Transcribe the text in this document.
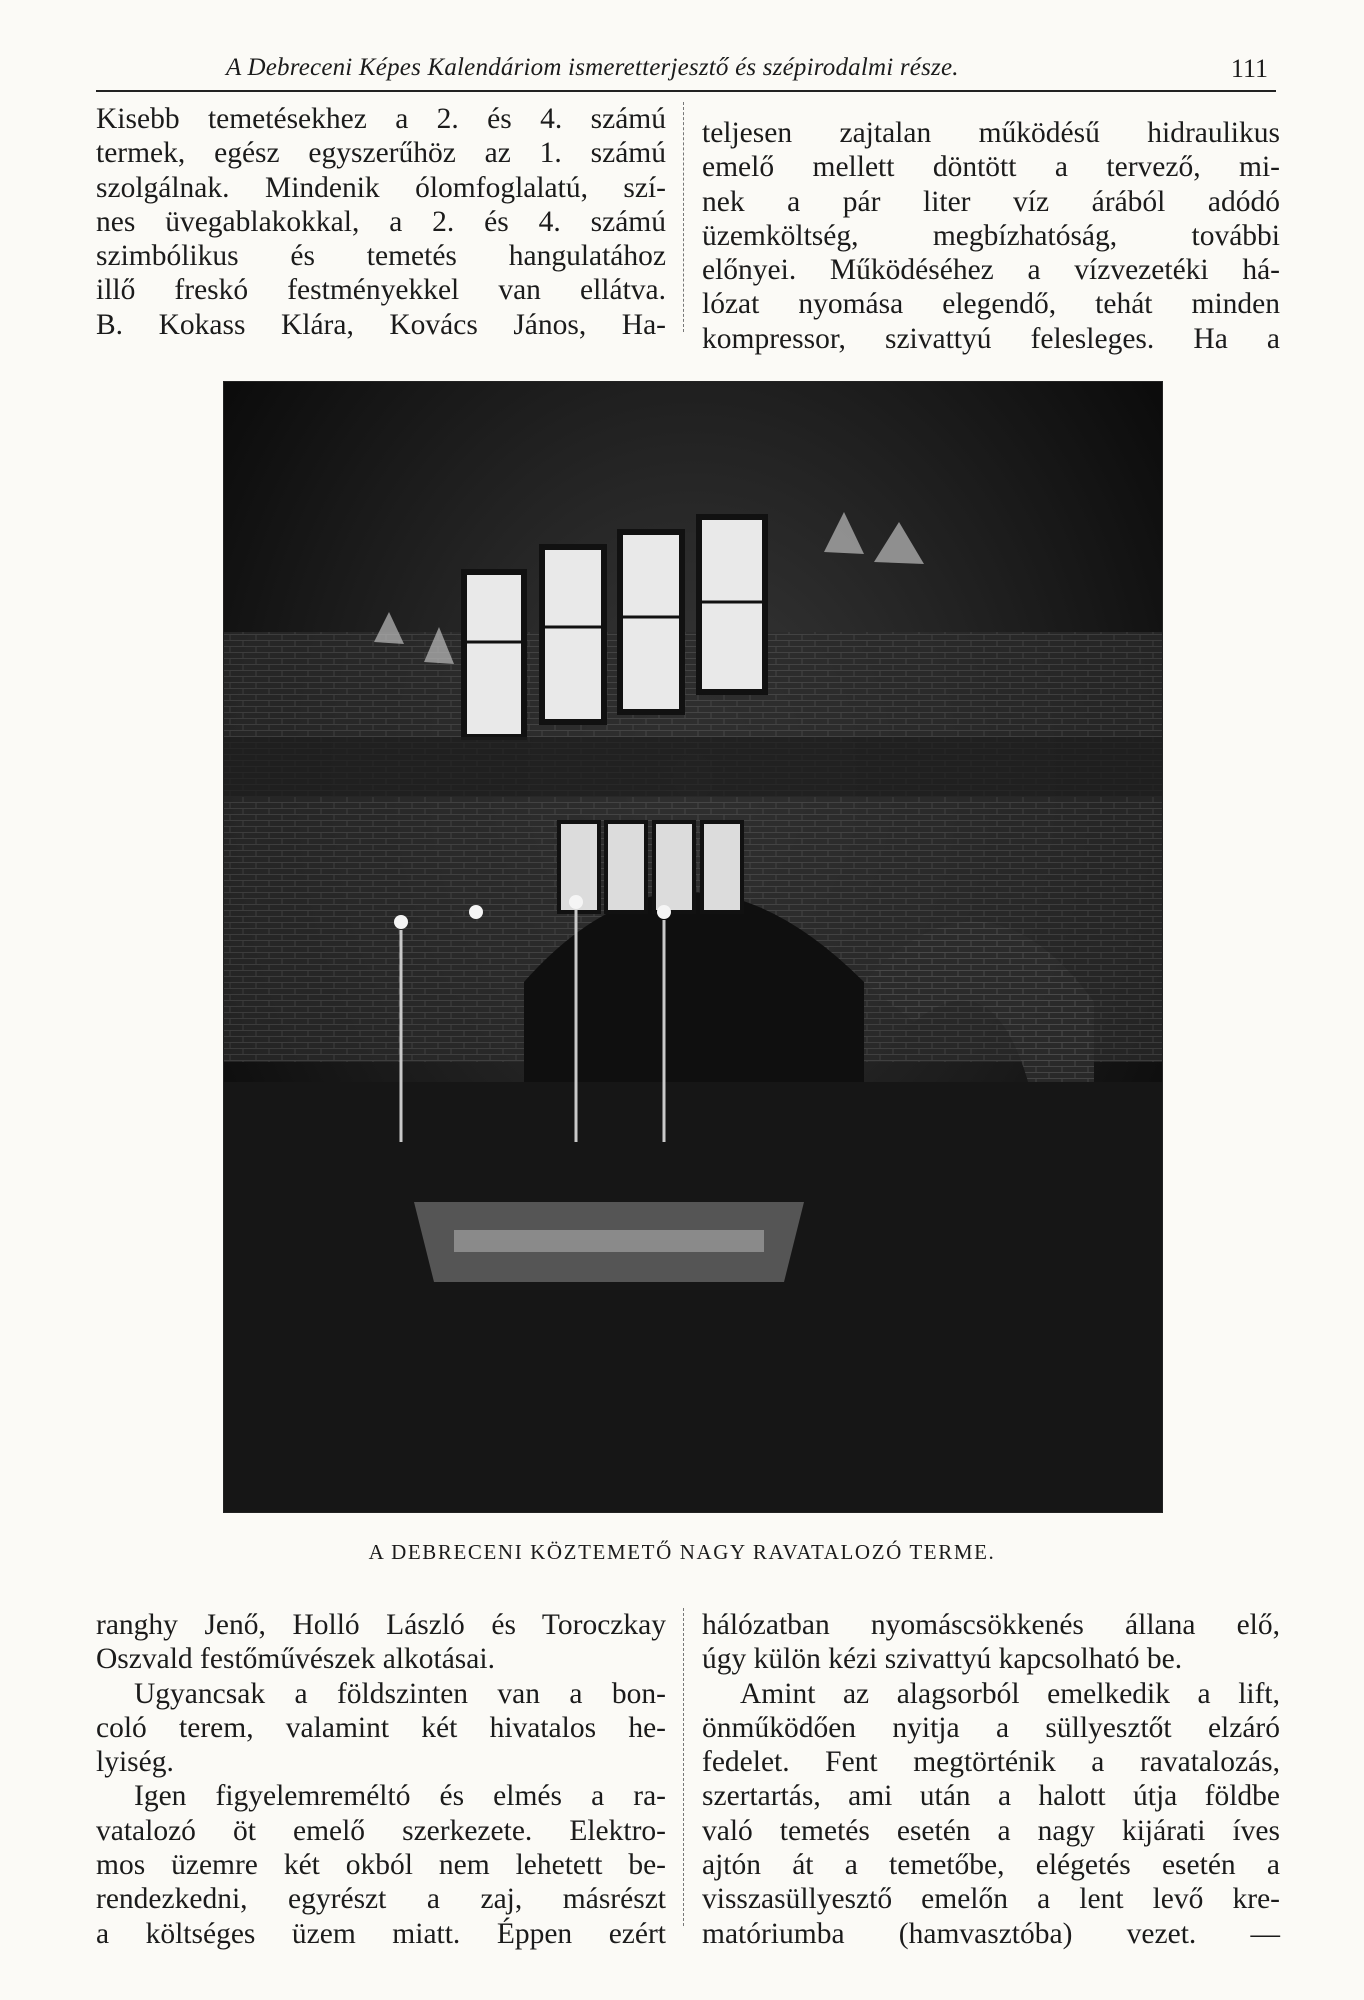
A Debreceni Képes Kalendáriom ismeretterjesztő és szépirodalmi része.	111
Kisebb temetésekhez a 2. és 4. számú
termek, egész egyszerűhöz az 1. számú
szolgálnak. Mindenik ólomfoglalatú, szí-
nes üvegablakokkal, a 2. és 4. számú
szimbólikus és temetés hangulatához
illő freskó festményekkel van ellátva.
B. Kokass Klára, Kovács János, Ha-
teljesen zajtalan működésű hidraulikus
emelő mellett döntött a tervező, mi-
nek a pár liter víz árából adódó
üzemköltség, megbízhatóság, további
előnyei. Működéséhez a vízvezetéki há-
lózat nyomása elegendő, tehát minden
kompressor, szivattyú felesleges. Ha a
A DEBRECENI KÖZTEMETŐ NAGY RAVATALOZÓ TERME.
ranghy Jenő, Holló László és Toroczkay
Oszvald festőművészek alkotásai.
Ugyancsak a földszinten van a bon-
coló terem, valamint két hivatalos he-
lyiség.
Igen figyelemreméltó és elmés a ra-
vatalozó öt emelő szerkezete. Elektro-
mos üzemre két okból nem lehetett be-
rendezkedni, egyrészt a zaj, másrészt
a költséges üzem miatt. Éppen ezért
hálózatban nyomáscsökkenés állana elő,
úgy külön kézi szivattyú kapcsolható be.
Amint az alagsorból emelkedik a lift,
önműködően nyitja a süllyesztőt elzáró
fedelet. Fent megtörténik a ravatalozás,
szertartás, ami után a halott útja földbe
való temetés esetén a nagy kijárati íves
ajtón át a temetőbe, elégetés esetén a
visszasüllyesztő emelőn a lent levő kre-
matóriumba (hamvasztóba) vezet. —
